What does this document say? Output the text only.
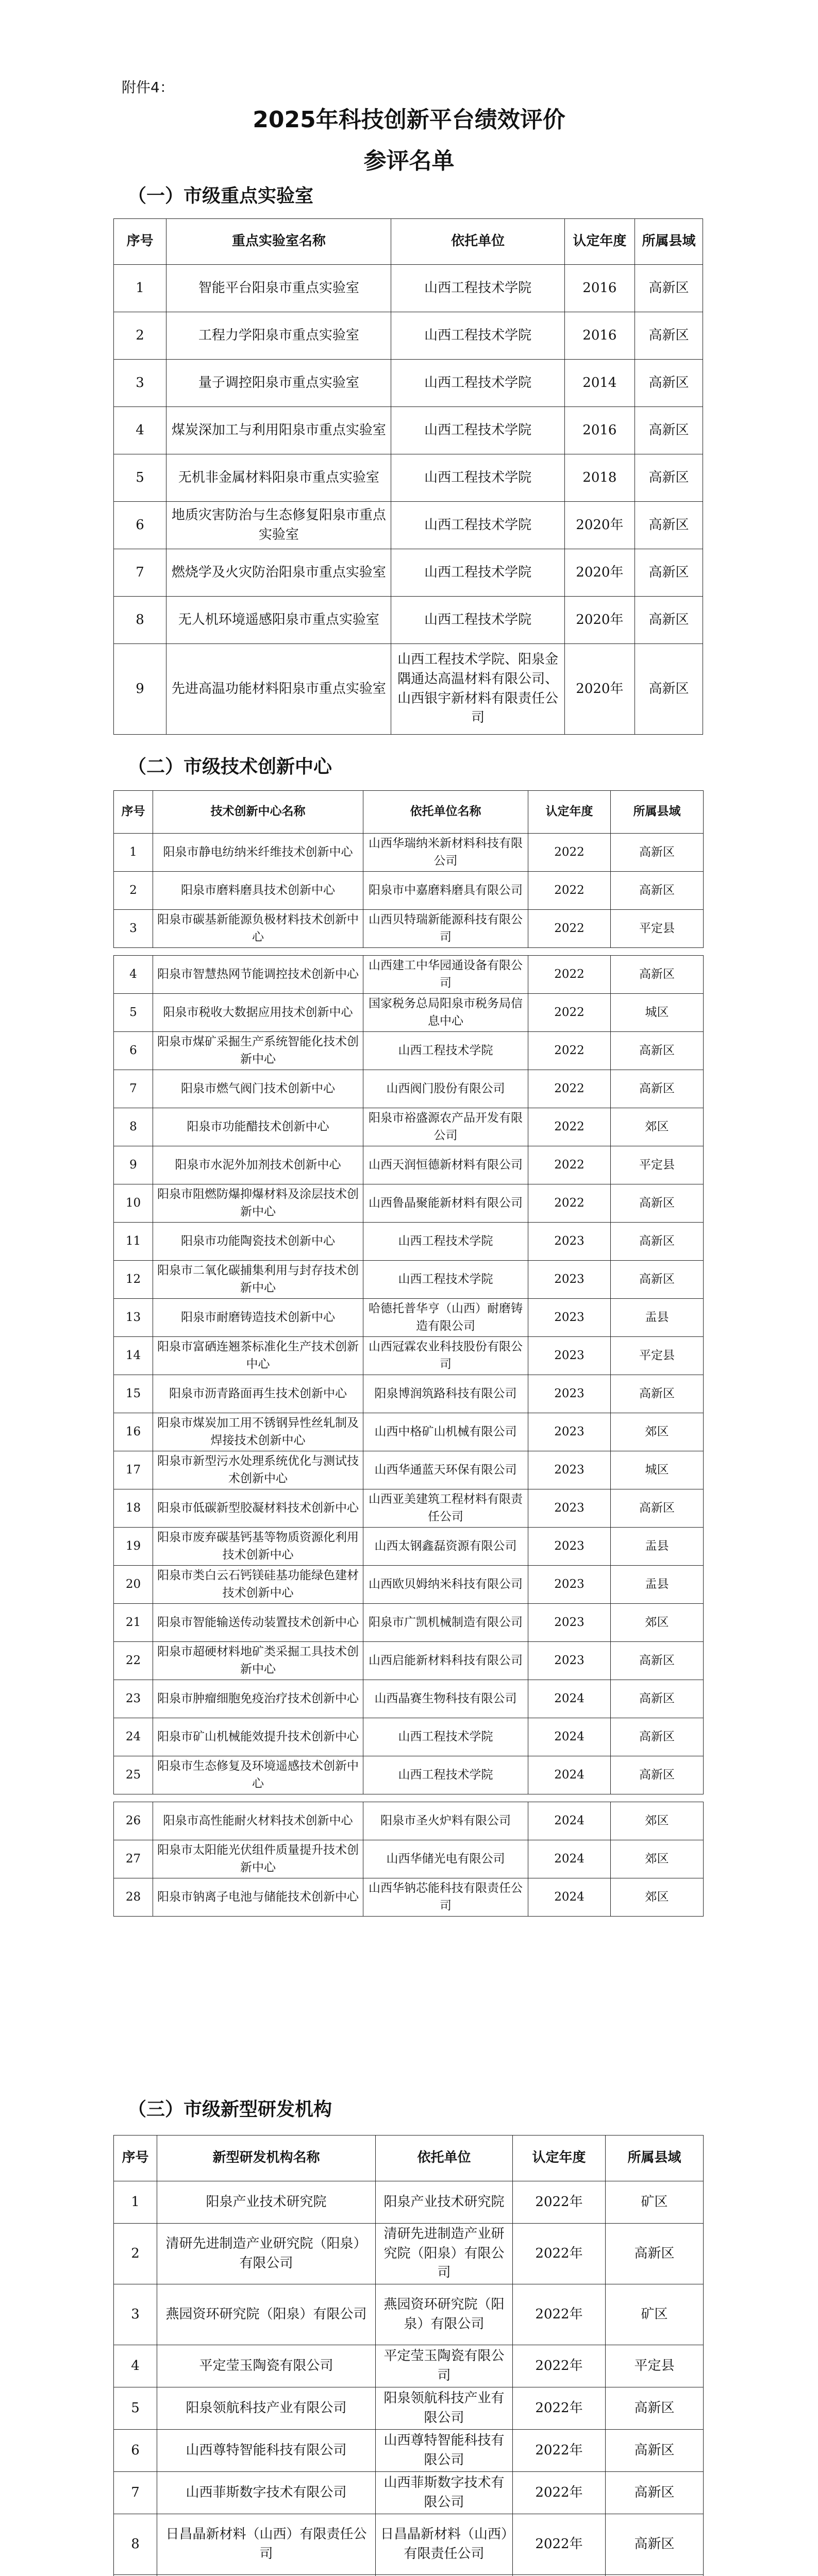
附件4：
2025年科技创新平台绩效评价
参评名单
（一）市级重点实验室
序号	重点实验室名称	依托单位	认定年度	所属县域
1	智能平台阳泉市重点实验室	山西工程技术学院	2016	高新区
2	工程力学阳泉市重点实验室	山西工程技术学院	2016	高新区
3	量子调控阳泉市重点实验室	山西工程技术学院	2014	高新区
4	煤炭深加工与利用阳泉市重点实验室	山西工程技术学院	2016	高新区
5	无机非金属材料阳泉市重点实验室	山西工程技术学院	2018	高新区
6	地质灾害防治与生态修复阳泉市重点实验室	山西工程技术学院	2020年	高新区
7	燃烧学及火灾防治阳泉市重点实验室	山西工程技术学院	2020年	高新区
8	无人机环境遥感阳泉市重点实验室	山西工程技术学院	2020年	高新区
9	先进高温功能材料阳泉市重点实验室	山西工程技术学院、阳泉金隅通达高温材料有限公司、山西银宇新材料有限责任公司	2020年	高新区
（二）市级技术创新中心
序号	技术创新中心名称	依托单位名称	认定年度	所属县域
1	阳泉市静电纺纳米纤维技术创新中心	山西华瑞纳米新材料科技有限公司	2022	高新区
2	阳泉市磨料磨具技术创新中心	阳泉市中嘉磨料磨具有限公司	2022	高新区
3	阳泉市碳基新能源负极材料技术创新中心	山西贝特瑞新能源科技有限公司	2022	平定县

4	阳泉市智慧热网节能调控技术创新中心	山西建工中华园通设备有限公司	2022	高新区
5	阳泉市税收大数据应用技术创新中心	国家税务总局阳泉市税务局信息中心	2022	城区
6	阳泉市煤矿采掘生产系统智能化技术创新中心	山西工程技术学院	2022	高新区
7	阳泉市燃气阀门技术创新中心	山西阀门股份有限公司	2022	高新区
8	阳泉市功能醋技术创新中心	阳泉市裕盛源农产品开发有限公司	2022	郊区
9	阳泉市水泥外加剂技术创新中心	山西天润恒德新材料有限公司	2022	平定县
10	阳泉市阻燃防爆抑爆材料及涂层技术创新中心	山西鲁晶聚能新材料有限公司	2022	高新区
11	阳泉市功能陶瓷技术创新中心	山西工程技术学院	2023	高新区
12	阳泉市二氧化碳捕集利用与封存技术创新中心	山西工程技术学院	2023	高新区
13	阳泉市耐磨铸造技术创新中心	哈德托普华亨（山西）耐磨铸造有限公司	2023	盂县
14	阳泉市富硒连翘茶标准化生产技术创新中心	山西冠霖农业科技股份有限公司	2023	平定县
15	阳泉市沥青路面再生技术创新中心	阳泉博润筑路科技有限公司	2023	高新区
16	阳泉市煤炭加工用不锈钢异性丝轧制及焊接技术创新中心	山西中格矿山机械有限公司	2023	郊区
17	阳泉市新型污水处理系统优化与测试技术创新中心	山西华通蓝天环保有限公司	2023	城区
18	阳泉市低碳新型胶凝材料技术创新中心	山西亚美建筑工程材料有限责任公司	2023	高新区
19	阳泉市废弃碳基钙基等物质资源化利用技术创新中心	山西太钢鑫磊资源有限公司	2023	盂县
20	阳泉市类白云石钙镁硅基功能绿色建材技术创新中心	山西欧贝姆纳米科技有限公司	2023	盂县
21	阳泉市智能输送传动装置技术创新中心	阳泉市广凯机械制造有限公司	2023	郊区
22	阳泉市超硬材料地矿类采掘工具技术创新中心	山西启能新材料科技有限公司	2023	高新区
23	阳泉市肿瘤细胞免疫治疗技术创新中心	山西晶赛生物科技有限公司	2024	高新区
24	阳泉市矿山机械能效提升技术创新中心	山西工程技术学院	2024	高新区
25	阳泉市生态修复及环境遥感技术创新中心	山西工程技术学院	2024	高新区

26	阳泉市高性能耐火材料技术创新中心	阳泉市圣火炉料有限公司	2024	郊区
27	阳泉市太阳能光伏组件质量提升技术创新中心	山西华储光电有限公司	2024	郊区
28	阳泉市钠离子电池与储能技术创新中心	山西华钠芯能科技有限责任公司	2024	郊区
（三）市级新型研发机构
序号	新型研发机构名称	依托单位	认定年度	所属县域
1	阳泉产业技术研究院	阳泉产业技术研究院	2022年	矿区
2	清研先进制造产业研究院（阳泉）有限公司	清研先进制造产业研究院（阳泉）有限公司	2022年	高新区
3	燕园资环研究院（阳泉）有限公司	燕园资环研究院（阳泉）有限公司	2022年	矿区
4	平定莹玉陶瓷有限公司	平定莹玉陶瓷有限公司	2022年	平定县
5	阳泉领航科技产业有限公司	阳泉领航科技产业有限公司	2022年	高新区
6	山西尊特智能科技有限公司	山西尊特智能科技有限公司	2022年	高新区
7	山西菲斯数字技术有限公司	山西菲斯数字技术有限公司	2022年	高新区
8	日昌晶新材料（山西）有限责任公司	日昌晶新材料（山西）有限责任公司	2022年	高新区
